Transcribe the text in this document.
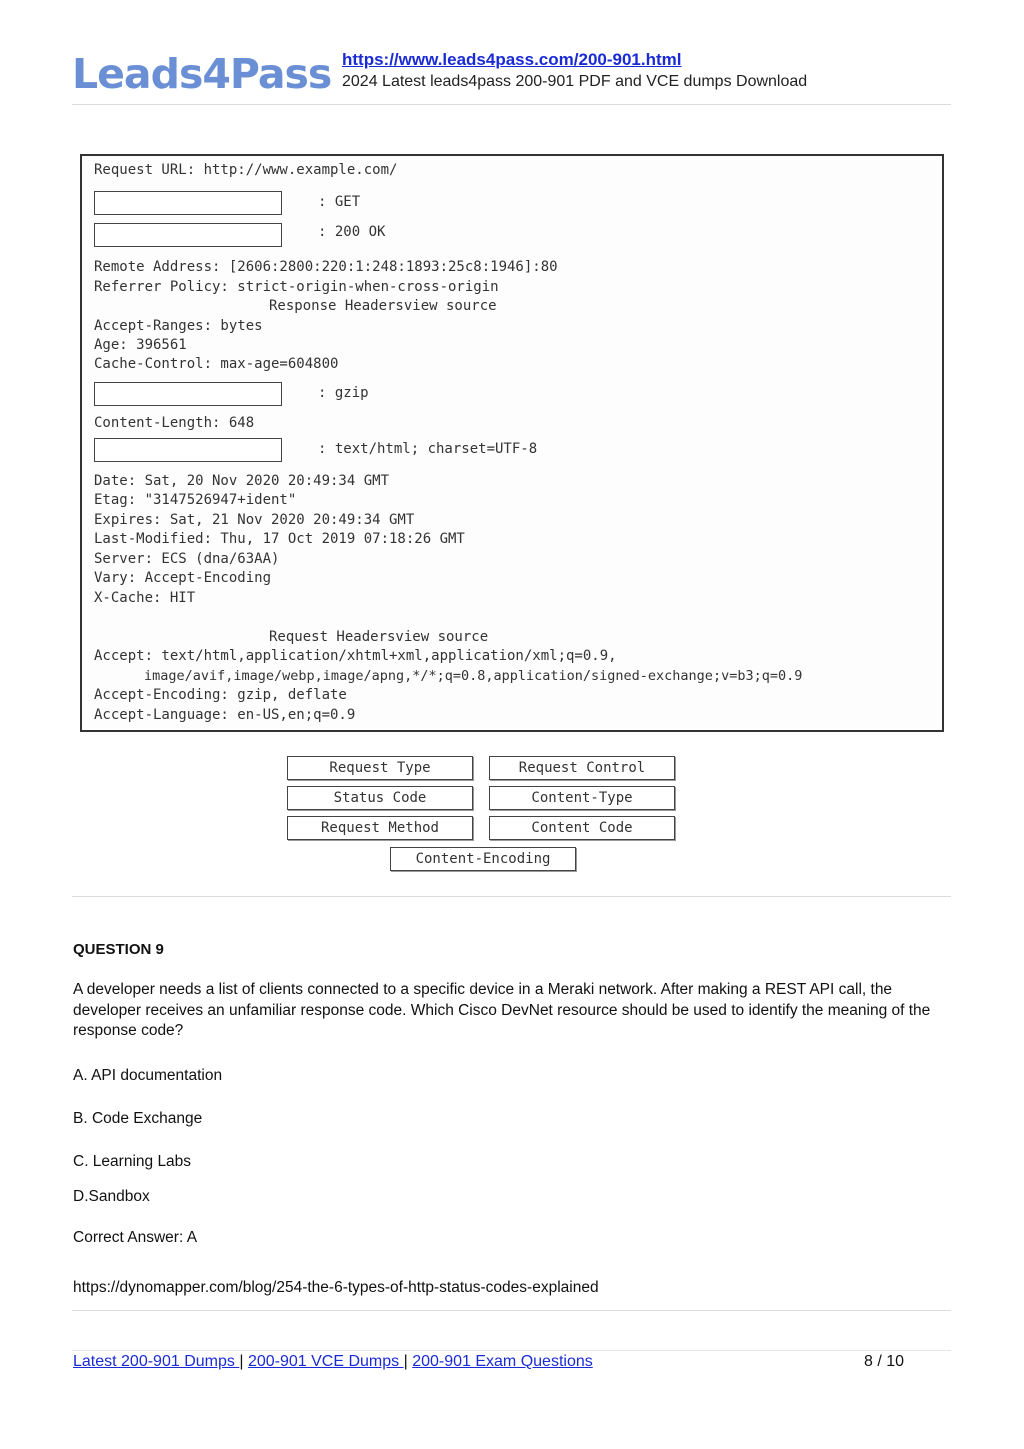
Leads4Pass https://www.leads4pass.com/200-901.html
2024 Latest leads4pass 200-901 PDF and VCE dumps Download
Request URL: http://www.example.com/
: GET
: 200 OK
Remote Address: [2606:2800:220:1:248:1893:25c8:1946]:80
Referrer Policy: strict-origin-when-cross-origin
Response Headersview source
Accept-Ranges: bytes
Age: 396561
Cache-Control: max-age=604800
: gzip
Content-Length: 648
: text/html; charset=UTF-8
Date: Sat, 20 Nov 2020 20:49:34 GMT
Etag: "3147526947+ident"
Expires: Sat, 21 Nov 2020 20:49:34 GMT
Last-Modified: Thu, 17 Oct 2019 07:18:26 GMT
Server: ECS (dna/63AA)
Vary: Accept-Encoding
X-Cache: HIT
Request Headersview source
Accept: text/html,application/xhtml+xml,application/xml;q=0.9,
image/avif,image/webp,image/apng,*/*;q=0.8,application/signed-exchange;v=b3;q=0.9
Accept-Encoding: gzip, deflate
Accept-Language: en-US,en;q=0.9
Request Type	Request Control
Status Code	Content-Type
Request Method	Content Code
Content-Encoding
QUESTION 9
A developer needs a list of clients connected to a specific device in a Meraki network. After making a REST API call, the developer receives an unfamiliar response code. Which Cisco DevNet resource should be used to identify the meaning of the response code?
A. API documentation
B. Code Exchange
C. Learning Labs
D.Sandbox
Correct Answer: A
https://dynomapper.com/blog/254-the-6-types-of-http-status-codes-explained
Latest 200-901 Dumps | 200-901 VCE Dumps | 200-901 Exam Questions	8 / 10
